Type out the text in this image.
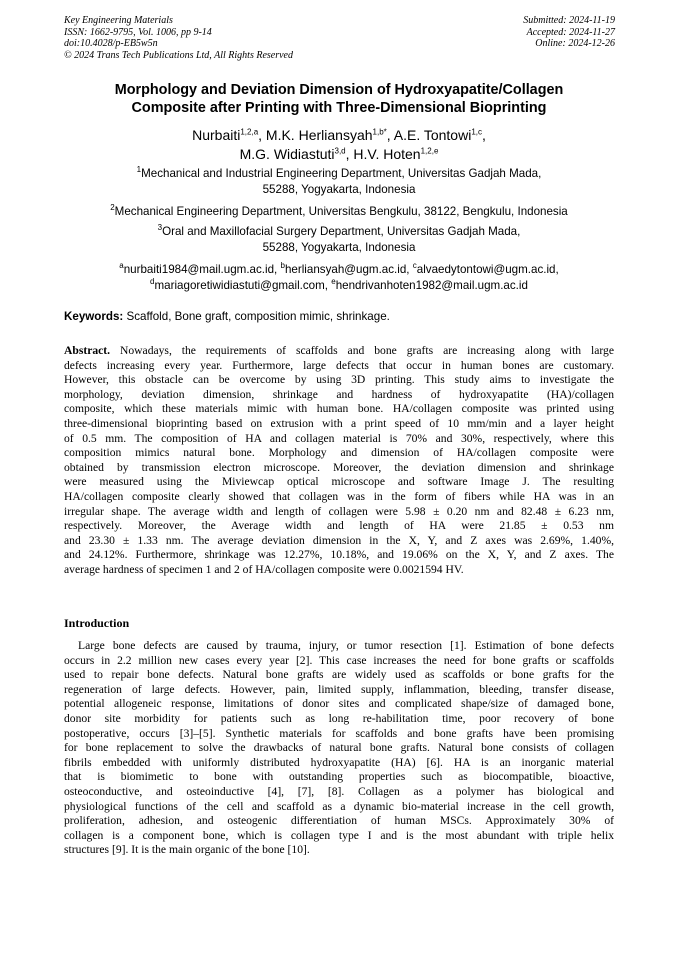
Key Engineering Materials
ISSN: 1662-9795, Vol. 1006, pp 9-14
doi:10.4028/p-EB5w5n
© 2024 Trans Tech Publications Ltd, All Rights Reserved
Submitted: 2024-11-19
Accepted: 2024-11-27
Online: 2024-12-26
Morphology and Deviation Dimension of Hydroxyapatite/Collagen
Composite after Printing with Three-Dimensional Bioprinting
Nurbaiti$^{1,2,a}$, M.K. Herliansyah$^{1,b*}$, A.E. Tontowi$^{1,c}$,
M.G. Widiastuti$^{3,d}$, H.V. Hoten$^{1,2,e}$
$^1$Mechanical and Industrial Engineering Department, Universitas Gadjah Mada,
55288, Yogyakarta, Indonesia
$^2$Mechanical Engineering Department, Universitas Bengkulu, 38122, Bengkulu, Indonesia
$^3$Oral and Maxillofacial Surgery Department, Universitas Gadjah Mada,
55288, Yogyakarta, Indonesia
$^a$nurbaiti1984@mail.ugm.ac.id, $^b$herliansyah@ugm.ac.id, $^c$alvaedytontowi@ugm.ac.id,
$^d$mariagoretiwidiastuti@gmail.com, $^e$hendrivanhoten1982@mail.ugm.ac.id
Keywords: Scaffold, Bone graft, composition mimic, shrinkage.
Abstract. Nowadays, the requirements of scaffolds and bone grafts are increasing along with large
defects increasing every year. Furthermore, large defects that occur in human bones are customary.
However, this obstacle can be overcome by using 3D printing. This study aims to investigate the
morphology, deviation dimension, shrinkage and hardness of hydroxyapatite (HA)/collagen
composite, which these materials mimic with human bone. HA/collagen composite was printed using
three-dimensional bioprinting based on extrusion with a print speed of 10 mm/min and a layer height
of 0.5 mm. The composition of HA and collagen material is 70% and 30%, respectively, where this
composition mimics natural bone. Morphology and dimension of HA/collagen composite were
obtained by transmission electron microscope. Moreover, the deviation dimension and shrinkage
were measured using the Miviewcap optical microscope and software Image J. The resulting
HA/collagen composite clearly showed that collagen was in the form of fibers while HA was in an
irregular shape. The average width and length of collagen were 5.98 ± 0.20 nm and 82.48 ± 6.23 nm,
respectively. Moreover, the Average width and length of HA were 21.85 ± 0.53 nm
and 23.30 ± 1.33 nm. The average deviation dimension in the X, Y, and Z axes was 2.69%, 1.40%,
and 24.12%. Furthermore, shrinkage was 12.27%, 10.18%, and 19.06% on the X, Y, and Z axes. The
average hardness of specimen 1 and 2 of HA/collagen composite were 0.0021594 HV.
Introduction
Large bone defects are caused by trauma, injury, or tumor resection [1]. Estimation of bone defects
occurs in 2.2 million new cases every year [2]. This case increases the need for bone grafts or scaffolds
used to repair bone defects. Natural bone grafts are widely used as scaffolds or bone grafts for the
regeneration of large defects. However, pain, limited supply, inflammation, bleeding, transfer disease,
potential allogeneic response, limitations of donor sites and complicated shape/size of damaged bone,
donor site morbidity for patients such as long re-habilitation time, poor recovery of bone
postoperative, occurs [3]–[5]. Synthetic materials for scaffolds and bone grafts have been promising
for bone replacement to solve the drawbacks of natural bone grafts. Natural bone consists of collagen
fibrils embedded with uniformly distributed hydroxyapatite (HA) [6]. HA is an inorganic material
that is biomimetic to bone with outstanding properties such as biocompatible, bioactive,
osteoconductive, and osteoinductive [4], [7], [8]. Collagen as a polymer has biological and
physiological functions of the cell and scaffold as a dynamic bio-material increase in the cell growth,
proliferation, adhesion, and osteogenic differentiation of human MSCs. Approximately 30% of
collagen is a component bone, which is collagen type I and is the most abundant with triple helix
structures [9]. It is the main organic of the bone [10].
